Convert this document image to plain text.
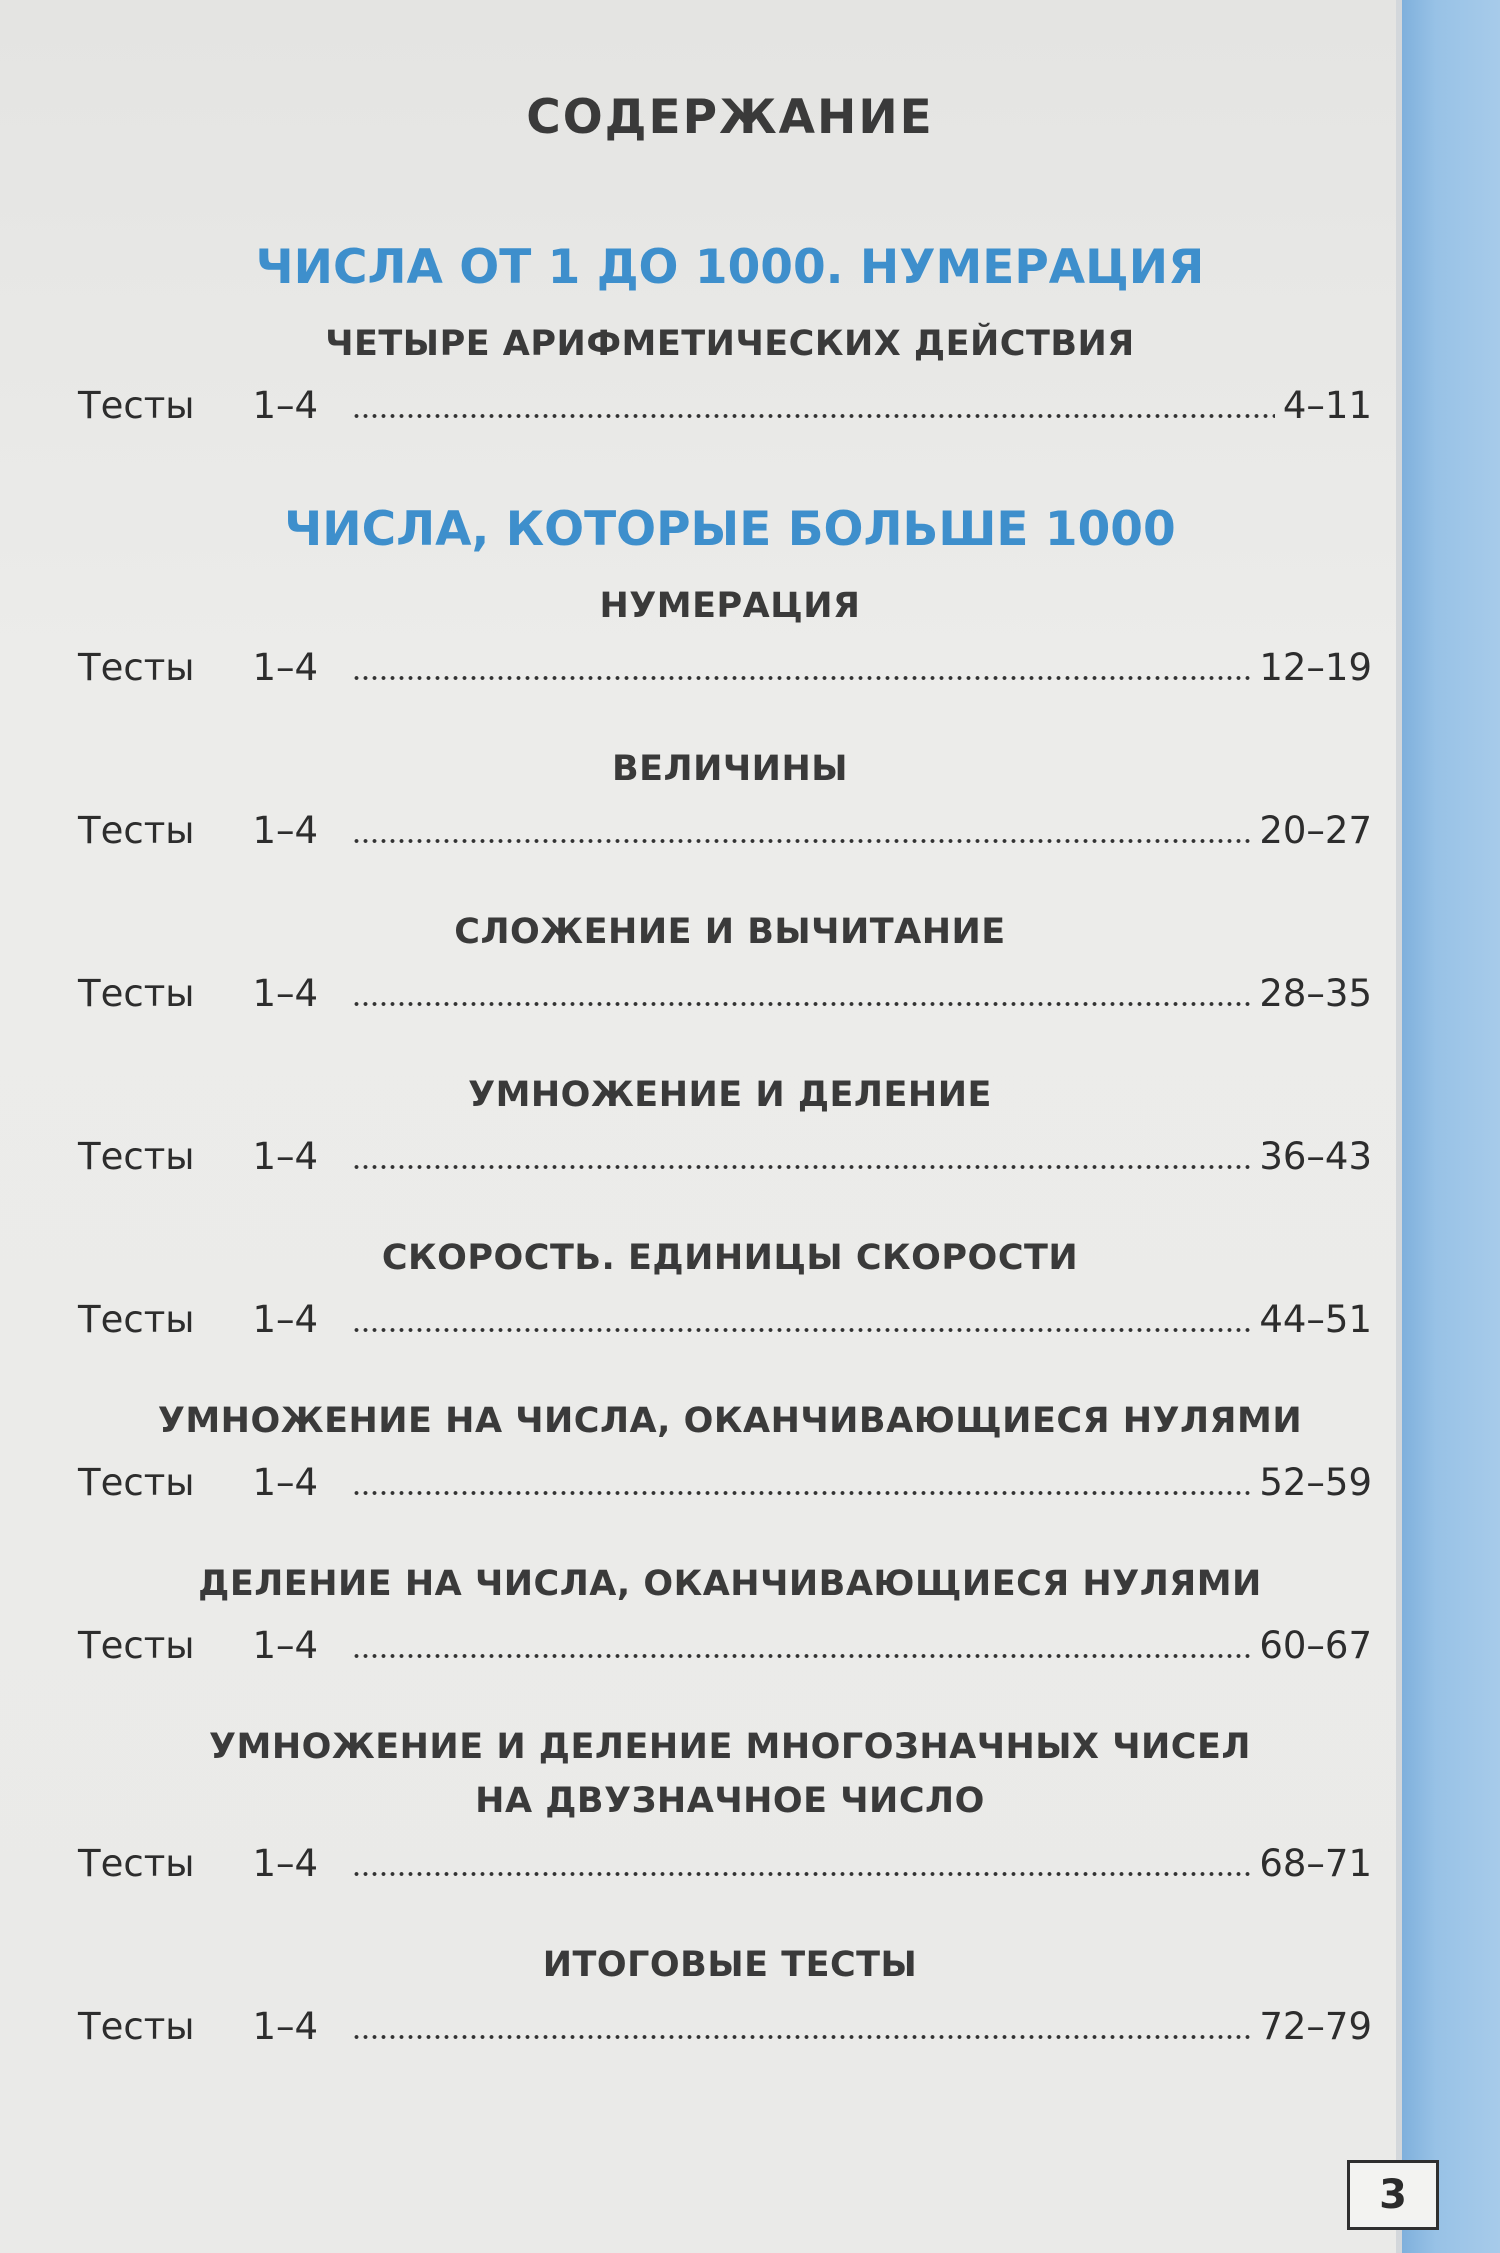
СОДЕРЖАНИЕ
ЧИСЛА ОТ 1 ДО 1000. НУМЕРАЦИЯ
ЧЕТЫРЕ АРИФМЕТИЧЕСКИХ ДЕЙСТВИЯ
Тесты 1–4	4–11
ЧИСЛА, КОТОРЫЕ БОЛЬШЕ 1000
НУМЕРАЦИЯ
Тесты 1–4	12–19
ВЕЛИЧИНЫ
Тесты 1–4	20–27
СЛОЖЕНИЕ И ВЫЧИТАНИЕ
Тесты 1–4	28–35
УМНОЖЕНИЕ И ДЕЛЕНИЕ
Тесты 1–4	36–43
СКОРОСТЬ. ЕДИНИЦЫ СКОРОСТИ
Тесты 1–4	44–51
УМНОЖЕНИЕ НА ЧИСЛА, ОКАНЧИВАЮЩИЕСЯ НУЛЯМИ
Тесты 1–4	52–59
ДЕЛЕНИЕ НА ЧИСЛА, ОКАНЧИВАЮЩИЕСЯ НУЛЯМИ
Тесты 1–4	60–67
УМНОЖЕНИЕ И ДЕЛЕНИЕ МНОГОЗНАЧНЫХ ЧИСЕЛ
НА ДВУЗНАЧНОЕ ЧИСЛО
Тесты 1–4	68–71
ИТОГОВЫЕ ТЕСТЫ
Тесты 1–4	72–79
3
